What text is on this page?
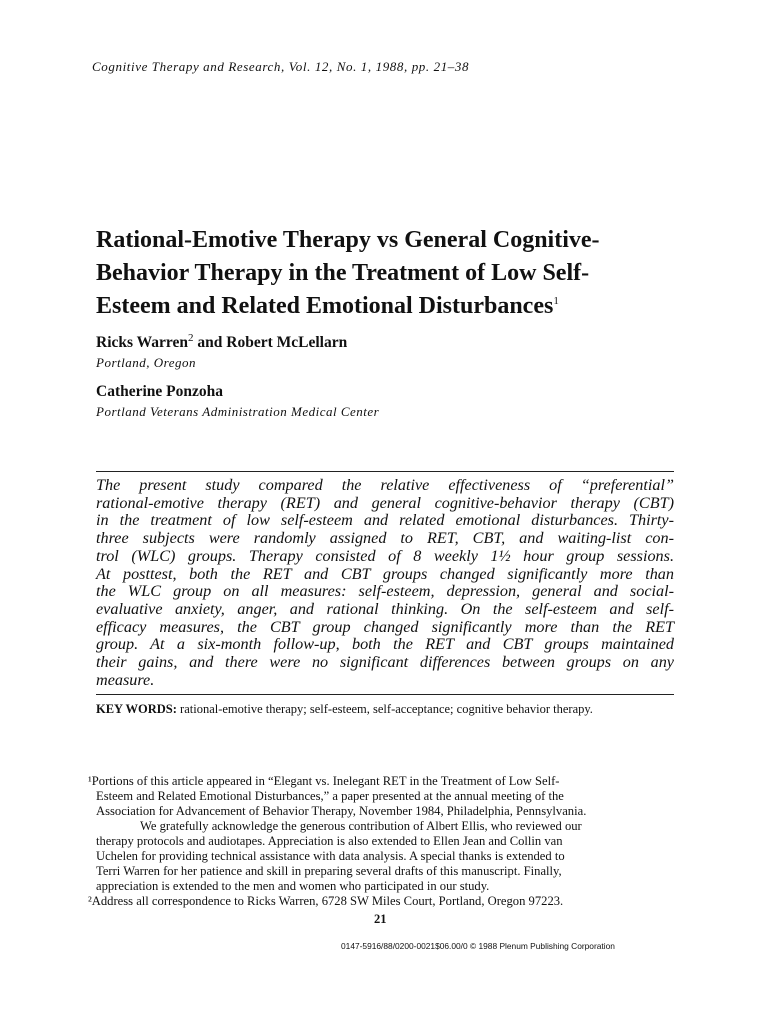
Cognitive Therapy and Research, Vol. 12, No. 1, 1988, pp. 21–38
Rational-Emotive Therapy vs General Cognitive-
Behavior Therapy in the Treatment of Low Self-
Esteem and Related Emotional Disturbances$^1$
Ricks Warren$^2$ and Robert McLellarn
Portland, Oregon
Catherine Ponzoha
Portland Veterans Administration Medical Center
The present study compared the relative effectiveness of “preferential”
rational-emotive therapy (RET) and general cognitive-behavior therapy (CBT)
in the treatment of low self-esteem and related emotional disturbances. Thirty-
three subjects were randomly assigned to RET, CBT, and waiting-list con-
trol (WLC) groups. Therapy consisted of 8 weekly 1½ hour group sessions.
At posttest, both the RET and CBT groups changed significantly more than
the WLC group on all measures: self-esteem, depression, general and social-
evaluative anxiety, anger, and rational thinking. On the self-esteem and self-
efficacy measures, the CBT group changed significantly more than the RET
group. At a six-month follow-up, both the RET and CBT groups maintained
their gains, and there were no significant differences between groups on any
measure.
KEY WORDS: rational-emotive therapy; self-esteem, self-acceptance; cognitive behavior therapy.
¹Portions of this article appeared in “Elegant vs. Inelegant RET in the Treatment of Low Self-
Esteem and Related Emotional Disturbances,” a paper presented at the annual meeting of the
Association for Advancement of Behavior Therapy, November 1984, Philadelphia, Pennsylvania.
We gratefully acknowledge the generous contribution of Albert Ellis, who reviewed our
therapy protocols and audiotapes. Appreciation is also extended to Ellen Jean and Collin van
Uchelen for providing technical assistance with data analysis. A special thanks is extended to
Terri Warren for her patience and skill in preparing several drafts of this manuscript. Finally,
appreciation is extended to the men and women who participated in our study.
²Address all correspondence to Ricks Warren, 6728 SW Miles Court, Portland, Oregon 97223.
21
0147-5916/88/0200-0021$06.00/0 © 1988 Plenum Publishing Corporation
